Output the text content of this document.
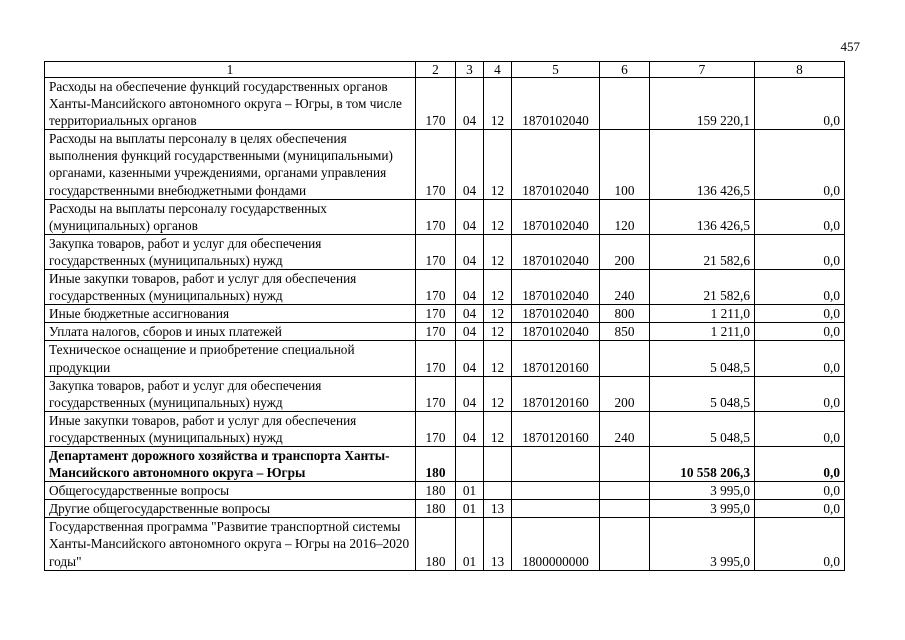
457
1	2	3	4	5	6	7	8
Расходы на обеспечение функций государственных органов Ханты-Мансийского автономного округа – Югры, в том числе территориальных органов	170	04	12	1870102040		159 220,1	0,0
Расходы на выплаты персоналу в целях обеспечения выполнения функций государственными (муниципальными) органами, казенными учреждениями, органами управления государственными внебюджетными фондами	170	04	12	1870102040	100	136 426,5	0,0
Расходы на выплаты персоналу государственных (муниципальных) органов	170	04	12	1870102040	120	136 426,5	0,0
Закупка товаров, работ и услуг для обеспечения государственных (муниципальных) нужд	170	04	12	1870102040	200	21 582,6	0,0
Иные закупки товаров, работ и услуг для обеспечения государственных (муниципальных) нужд	170	04	12	1870102040	240	21 582,6	0,0
Иные бюджетные ассигнования	170	04	12	1870102040	800	1 211,0	0,0
Уплата налогов, сборов и иных платежей	170	04	12	1870102040	850	1 211,0	0,0
Техническое оснащение и приобретение специальной продукции	170	04	12	1870120160		5 048,5	0,0
Закупка товаров, работ и услуг для обеспечения государственных (муниципальных) нужд	170	04	12	1870120160	200	5 048,5	0,0
Иные закупки товаров, работ и услуг для обеспечения государственных (муниципальных) нужд	170	04	12	1870120160	240	5 048,5	0,0
Департамент дорожного хозяйства и транспорта Ханты-Мансийского автономного округа – Югры	180					10 558 206,3	0,0
Общегосударственные вопросы	180	01				3 995,0	0,0
Другие общегосударственные вопросы	180	01	13			3 995,0	0,0
Государственная программа "Развитие транспортной системы Ханты-Мансийского автономного округа – Югры на 2016–2020 годы"	180	01	13	1800000000		3 995,0	0,0
